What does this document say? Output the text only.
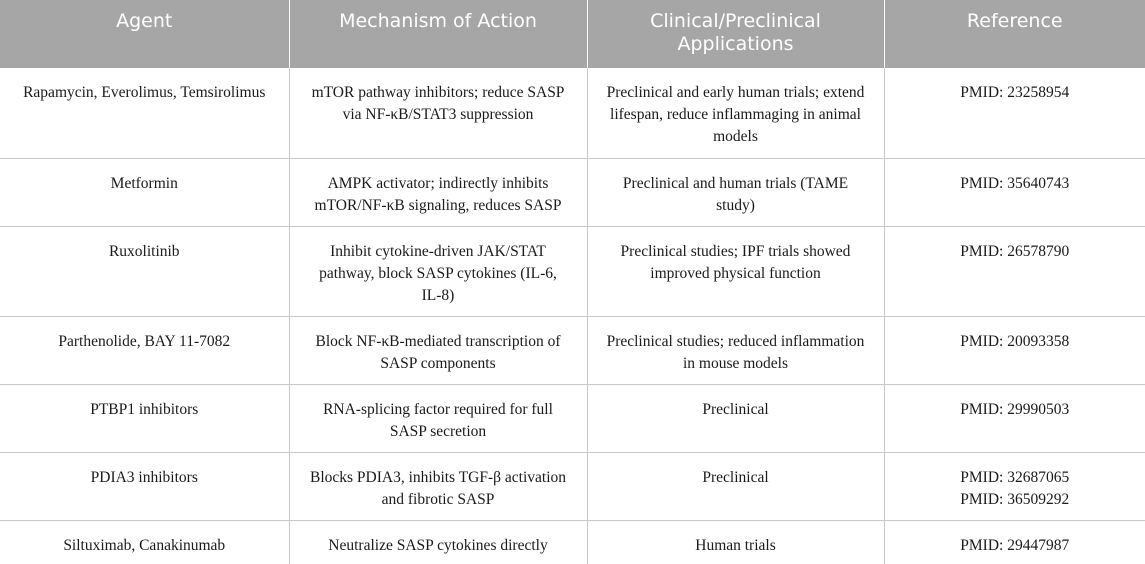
Agent	Mechanism of Action	Clinical/Preclinical Applications	Reference
Rapamycin, Everolimus, Temsirolimus	mTOR pathway inhibitors; reduce SASP via NF-κB/STAT3 suppression	Preclinical and early human trials; extend lifespan, reduce inflammaging in animal models	PMID: 23258954

Metformin	AMPK activator; indirectly inhibits mTOR/NF-κB signaling, reduces SASP	Preclinical and human trials (TAME study)	PMID: 35640743

Ruxolitinib	Inhibit cytokine-driven JAK/STAT pathway, block SASP cytokines (IL-6, IL-8)	Preclinical studies; IPF trials showed improved physical function	PMID: 26578790

Parthenolide, BAY 11-7082	Block NF-κB-mediated transcription of SASP components	Preclinical studies; reduced inflammation in mouse models	PMID: 20093358

PTBP1 inhibitors	RNA-splicing factor required for full SASP secretion	Preclinical	PMID: 29990503

PDIA3 inhibitors	Blocks PDIA3, inhibits TGF-β activation and fibrotic SASP	Preclinical	PMID: 32687065
PMID: 36509292

Siltuximab, Canakinumab	Neutralize SASP cytokines directly	Human trials	PMID: 29447987
